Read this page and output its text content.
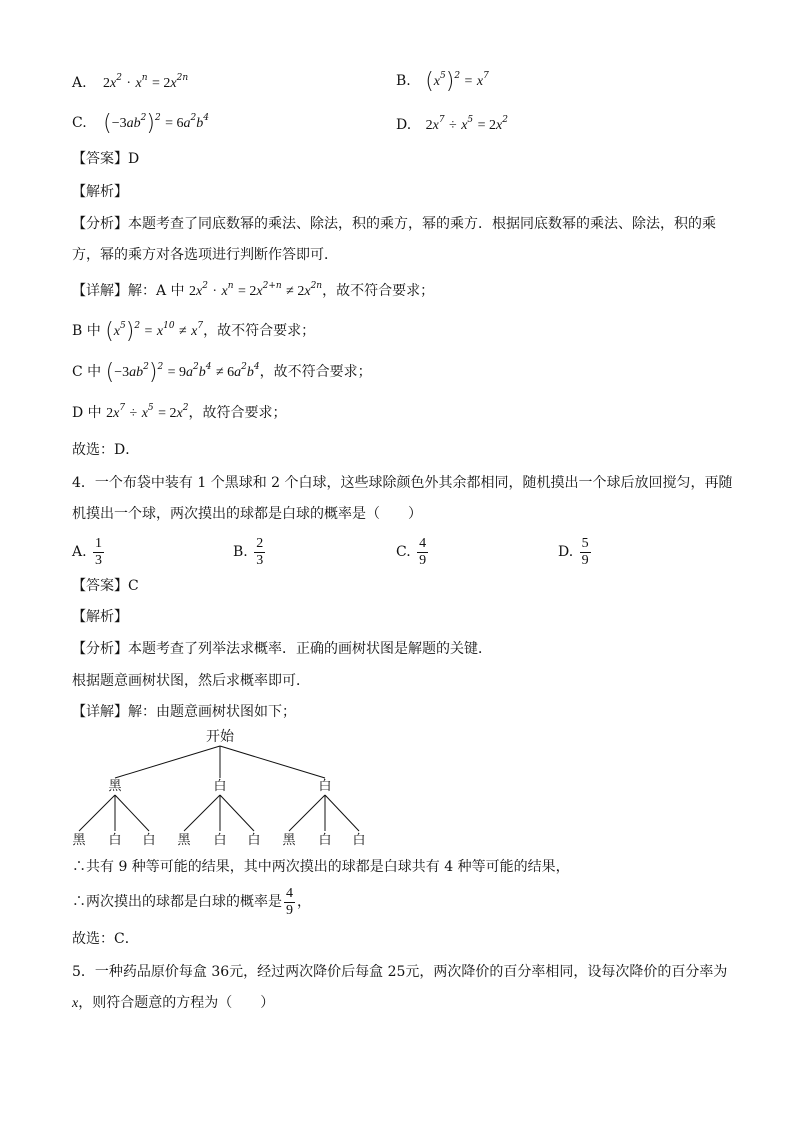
A. $2x^2 \cdot x^n = 2x^{2n}$	B. $(x^5)^2 = x^7$
C. $(-3ab^2)^2 = 6a^2b^4$	D. $2x^7 \div x^5 = 2x^2$
【答案】D
【解析】
【分析】本题考查了同底数幂的乘法、除法，积的乘方，幂的乘方．根据同底数幂的乘法、除法，积的乘
方，幂的乘方对各选项进行判断作答即可．
【详解】解：A 中 $2x^2 \cdot x^n = 2x^{2+n} \ne 2x^{2n}$，故不符合要求；
B 中 $(x^5)^2 = x^{10} \ne x^7$，故不符合要求；
C 中 $(-3ab^2)^2 = 9a^2b^4 \ne 6a^2b^4$，故不符合要求；
D 中 $2x^7 \div x^5 = 2x^2$，故符合要求；
故选：D．
4．一个布袋中装有 1 个黑球和 2 个白球，这些球除颜色外其余都相同，随机摸出一个球后放回搅匀，再随
机摸出一个球，两次摸出的球都是白球的概率是（　　）
A. $\frac{1}{3}$	B. $\frac{2}{3}$	C. $\frac{4}{9}$	D. $\frac{5}{9}$
【答案】C
【解析】
【分析】本题考查了列举法求概率．正确的画树状图是解题的关键．
根据题意画树状图，然后求概率即可．
【详解】解：由题意画树状图如下；
开始
黑	白	白
黑 白 白 黑 白 白 黑 白 白
∴共有 9 种等可能的结果，其中两次摸出的球都是白球共有 4 种等可能的结果，
∴两次摸出的球都是白球的概率是 $\frac{4}{9}$ ，
故选：C．
5．一种药品原价每盒 36元，经过两次降价后每盒 25元，两次降价的百分率相同，设每次降价的百分率为
x，则符合题意的方程为（　　）
